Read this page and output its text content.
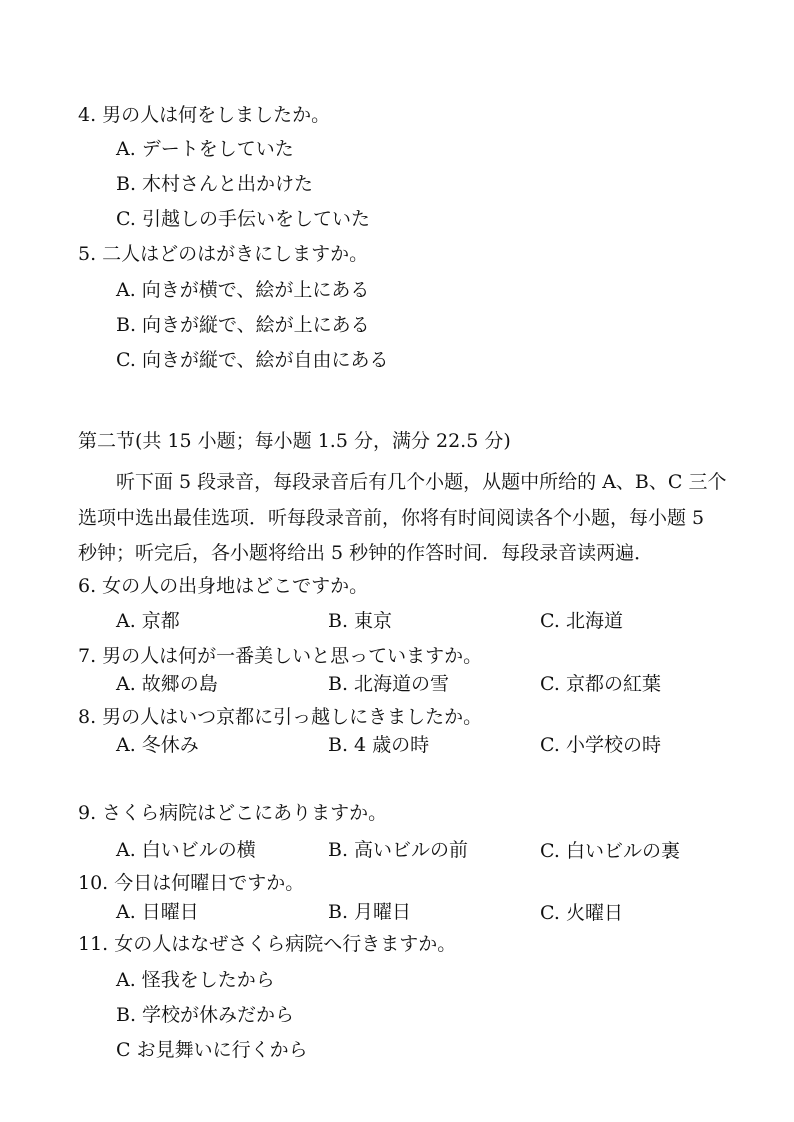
4. 男の人は何をしましたか。
A. デートをしていた
B. 木村さんと出かけた
C. 引越しの手伝いをしていた
5. 二人はどのはがきにしますか。
A. 向きが横で、絵が上にある
B. 向きが縦で、絵が上にある
C. 向きが縦で、絵が自由にある
第二节(共 15 小题；每小题 1.5 分，满分 22.5 分)
听下面 5 段录音，每段录音后有几个小题，从题中所给的 A、B、C 三个
选项中选出最佳选项．听每段录音前，你将有时间阅读各个小题，每小题 5
秒钟；听完后，各小题将给出 5 秒钟的作答时间．每段录音读两遍．
6. 女の人の出身地はどこですか。
A. 京都	B. 東京	C. 北海道
7. 男の人は何が一番美しいと思っていますか。
A. 故郷の島	B. 北海道の雪	C. 京都の紅葉
8. 男の人はいつ京都に引っ越しにきましたか。
A. 冬休み	B. 4 歳の時	C. 小学校の時
9. さくら病院はどこにありますか。
A. 白いビルの横	B. 高いビルの前	C. 白いビルの裏
10. 今日は何曜日ですか。
A. 日曜日	B. 月曜日	C. 火曜日
11. 女の人はなぜさくら病院へ行きますか。
A. 怪我をしたから
B. 学校が休みだから
C お見舞いに行くから
